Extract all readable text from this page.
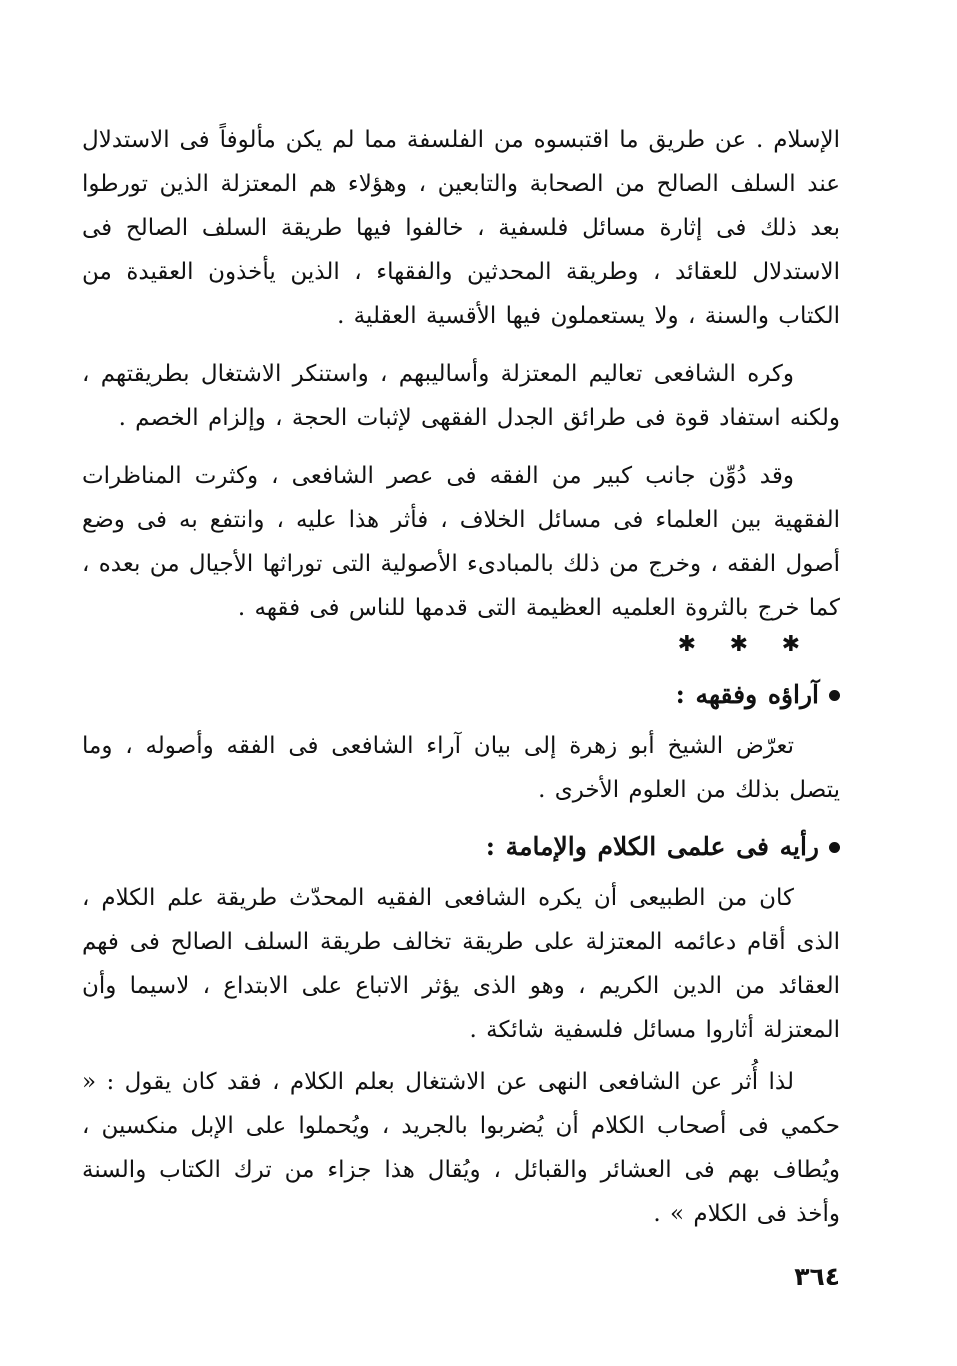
الإسلام . عن طريق ما اقتبسوه من الفلسفة مما لم يكن مألوفاً فى الاستدلال عند السلف الصالح من الصحابة والتابعين ، وهؤلاء هم المعتزلة الذين تورطوا بعد ذلك فى إثارة مسائل فلسفية ، خالفوا فيها طريقة السلف الصالح فى الاستدلال للعقائد ، وطريقة المحدثين والفقهاء ، الذين يأخذون العقيدة من الكتاب والسنة ، ولا يستعملون فيها الأقسية العقلية .

وكره الشافعى تعاليم المعتزلة وأساليبهم ، واستنكر الاشتغال بطريقتهم ، ولكنه استفاد قوة فى طرائق الجدل الفقهى لإثبات الحجة ، وإلزام الخصم .

وقد دُوِّن جانب كبير من الفقه فى عصر الشافعى ، وكثرت المناظرات الفقهية بين العلماء فى مسائل الخلاف ، فأثر هذا عليه ، وانتفع به فى وضع أصول الفقه ، وخرج من ذلك بالمبادىء الأصولية التى توراثها الأجيال من بعده ، كما خرج بالثروة العلميه العظيمة التى قدمها للناس فى فقهه .

✱ ✱ ✱
آراؤه وفقهه :

تعرّض الشيخ أبو زهرة إلى بيان آراء الشافعى فى الفقه وأصوله ، وما يتصل بذلك من العلوم الأخرى .

رأيه فى علمى الكلام والإمامة :

كان من الطبيعى أن يكره الشافعى الفقيه المحدّث طريقة علم الكلام ، الذى أقام دعائمه المعتزلة على طريقة تخالف طريقة السلف الصالح فى فهم العقائد من الدين الكريم ، وهو الذى يؤثر الاتباع على الابتداع ، لاسيما وأن المعتزلة أثاروا مسائل فلسفية شائكة .

لذا أُثر عن الشافعى النهى عن الاشتغال بعلم الكلام ، فقد كان يقول : « حكمي فى أصحاب الكلام أن يُضربوا بالجريد ، ويُحملوا على الإبل منكسين ، ويُطاف بهم فى العشائر والقبائل ، ويُقال هذا جزاء من ترك الكتاب والسنة وأخذ فى الكلام » .

٣٦٤
